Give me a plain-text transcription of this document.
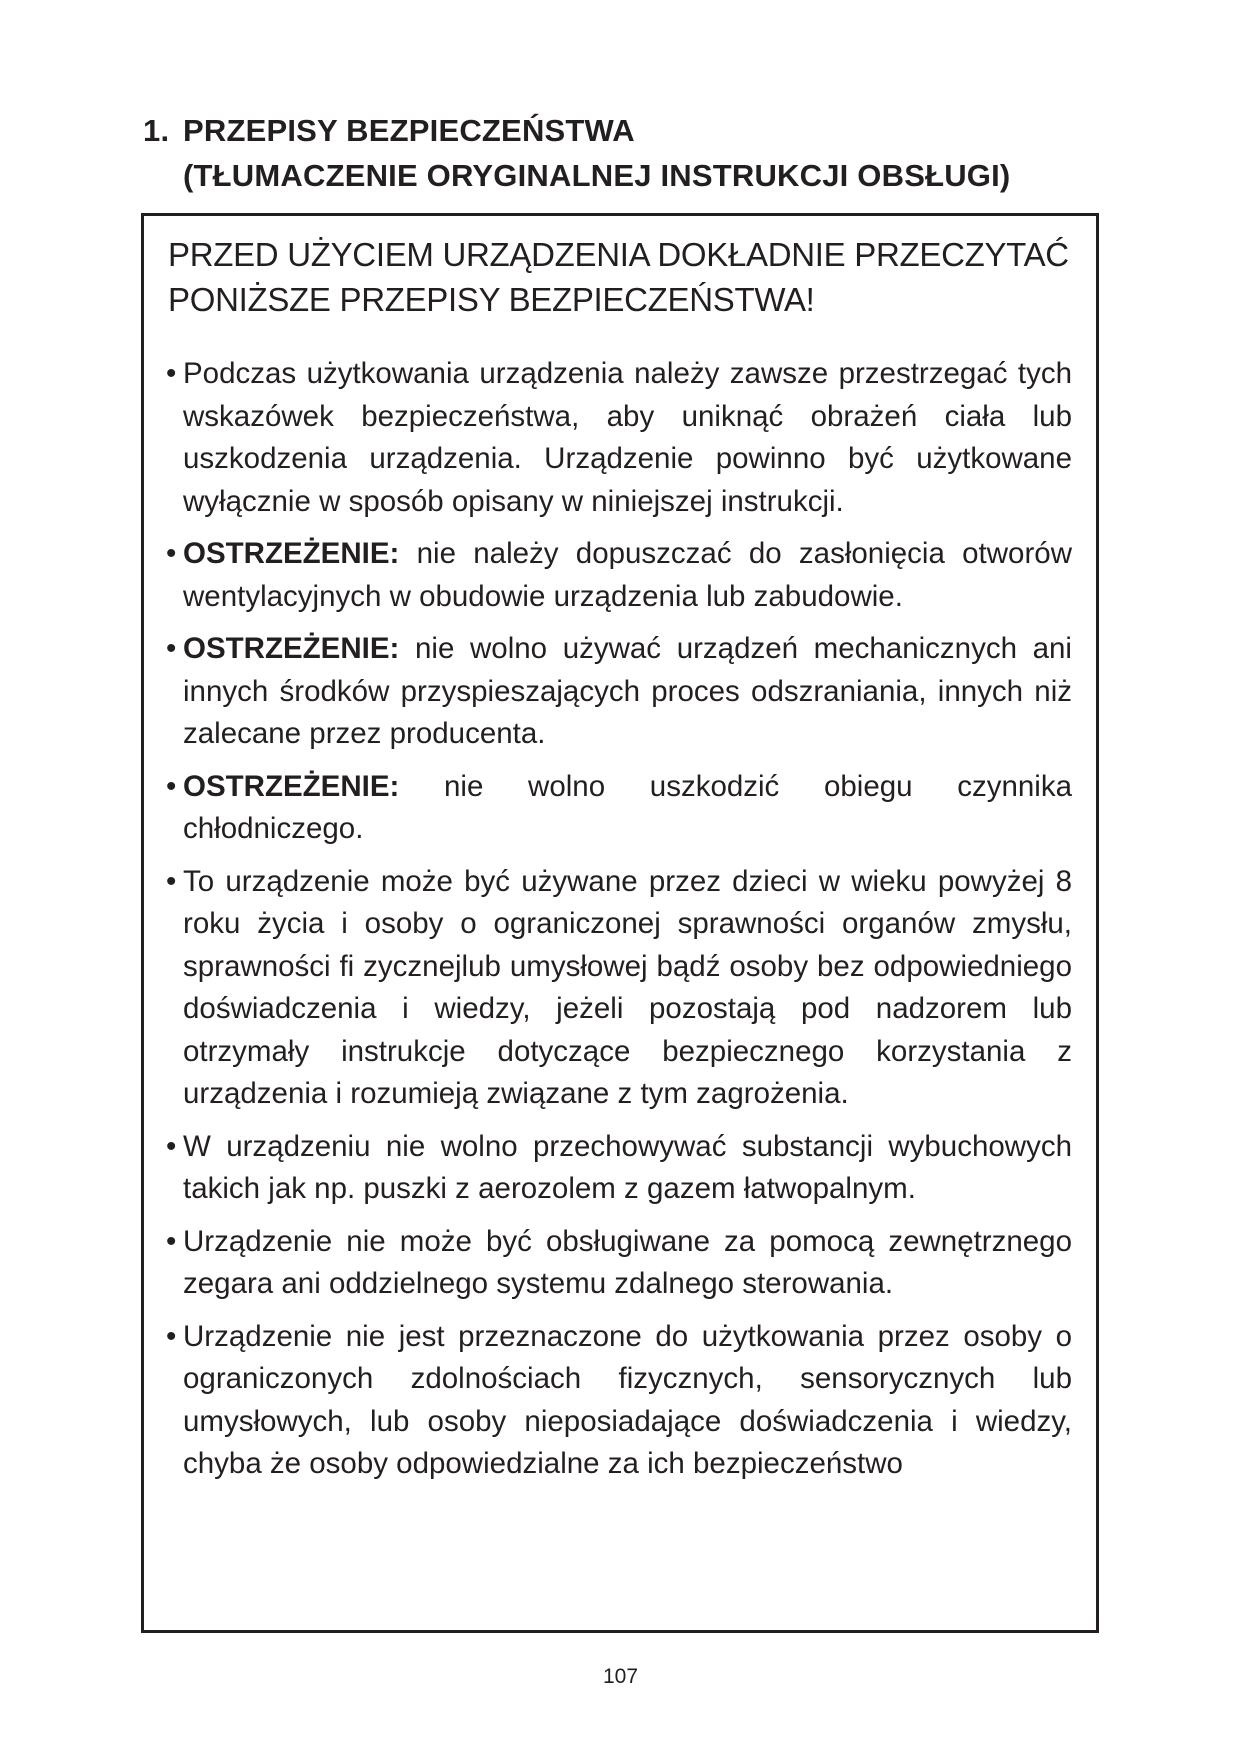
1. PRZEPISY BEZPIECZEŃSTWA
(TŁUMACZENIE ORYGINALNEJ INSTRUKCJI OBSŁUGI)
PRZED UŻYCIEM URZĄDZENIA DOKŁADNIE PRZECZYTAĆ
PONIŻSZE PRZEPISY BEZPIECZEŃSTWA!
• Podczas użytkowania urządzenia należy zawsze przestrzegać tych wskazówek bezpieczeństwa, aby uniknąć obrażeń ciała lub uszkodzenia urządzenia. Urządzenie powinno być użytkowane wyłącznie w sposób opisany w niniejszej instrukcji.
• OSTRZEŻENIE: nie należy dopuszczać do zasłonięcia otworów wentylacyjnych w obudowie urządzenia lub zabudowie.
• OSTRZEŻENIE: nie wolno używać urządzeń mechanicznych ani innych środków przyspieszających proces odszraniania, innych niż zalecane przez producenta.
• OSTRZEŻENIE: nie wolno uszkodzić obiegu czynnika chłodniczego.
• To urządzenie może być używane przez dzieci w wieku powyżej 8 roku życia i osoby o ograniczonej sprawności organów zmysłu, sprawności fi zycznejlub umysłowej bądź osoby bez odpowiedniego doświadczenia i wiedzy, jeżeli pozostają pod nadzorem lub otrzymały instrukcje dotyczące bezpiecznego korzystania z urządzenia i rozumieją związane z tym zagrożenia.
• W urządzeniu nie wolno przechowywać substancji wybuchowych takich jak np. puszki z aerozolem z gazem łatwopalnym.
• Urządzenie nie może być obsługiwane za pomocą zewnętrznego zegara ani oddzielnego systemu zdalnego sterowania.
• Urządzenie nie jest przeznaczone do użytkowania przez osoby o ograniczonych zdolnościach fizycznych, sensorycznych lub umysłowych, lub osoby nieposiadające doświadczenia i wiedzy, chyba że osoby odpowiedzialne za ich bezpieczeństwo
107
